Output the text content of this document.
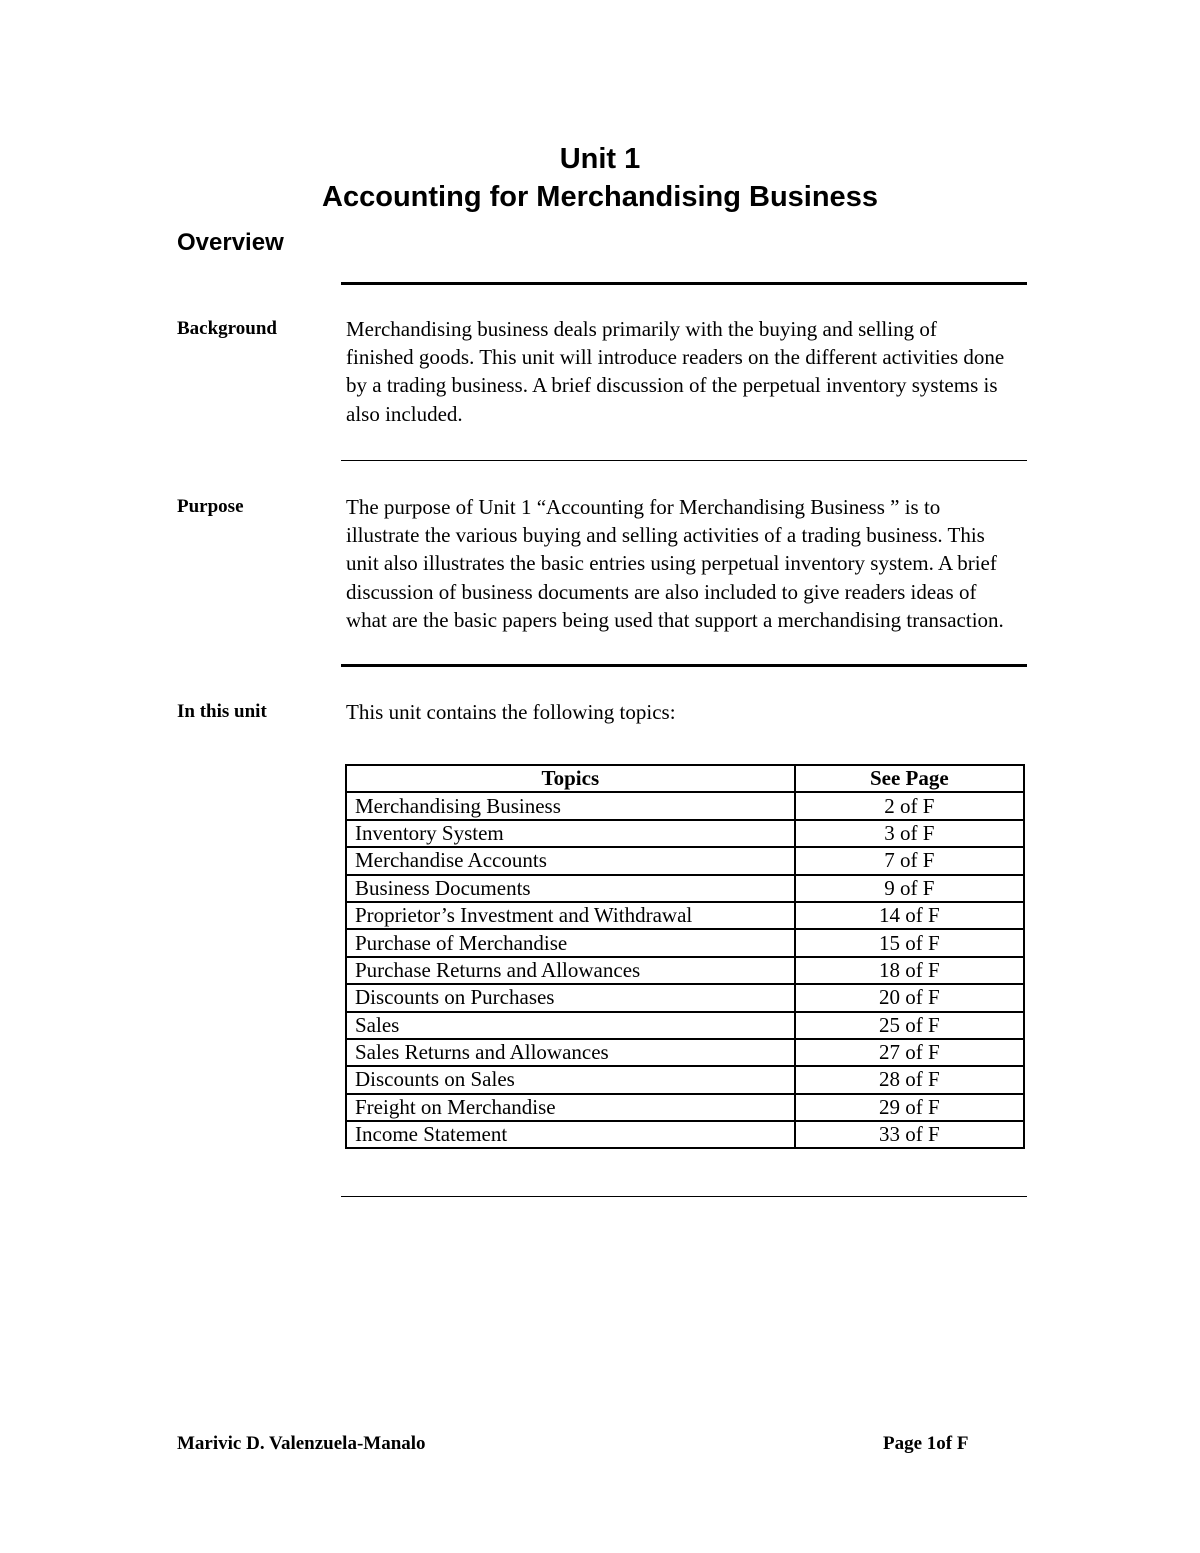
Unit 1
Accounting for Merchandising Business
Overview
Background	Merchandising business deals primarily with the buying and selling of
finished goods. This unit will introduce readers on the different activities done
by a trading business. A brief discussion of the perpetual inventory systems is
also included.
Purpose	The purpose of Unit 1 “Accounting for Merchandising Business ” is to
illustrate the various buying and selling activities of a trading business. This
unit also illustrates the basic entries using perpetual inventory system. A brief
discussion of business documents are also included to give readers ideas of
what are the basic papers being used that support a merchandising transaction.
In this unit	This unit contains the following topics:
Topics	See Page
Merchandising Business	2 of F
Inventory System	3 of F
Merchandise Accounts	7 of F
Business Documents	9 of F
Proprietor’s Investment and Withdrawal	14 of F
Purchase of Merchandise	15 of F
Purchase Returns and Allowances	18 of F
Discounts on Purchases	20 of F
Sales	25 of F
Sales Returns and Allowances	27 of F
Discounts on Sales	28 of F
Freight on Merchandise	29 of F
Income Statement	33 of F
Marivic D. Valenzuela-Manalo	Page 1of F
